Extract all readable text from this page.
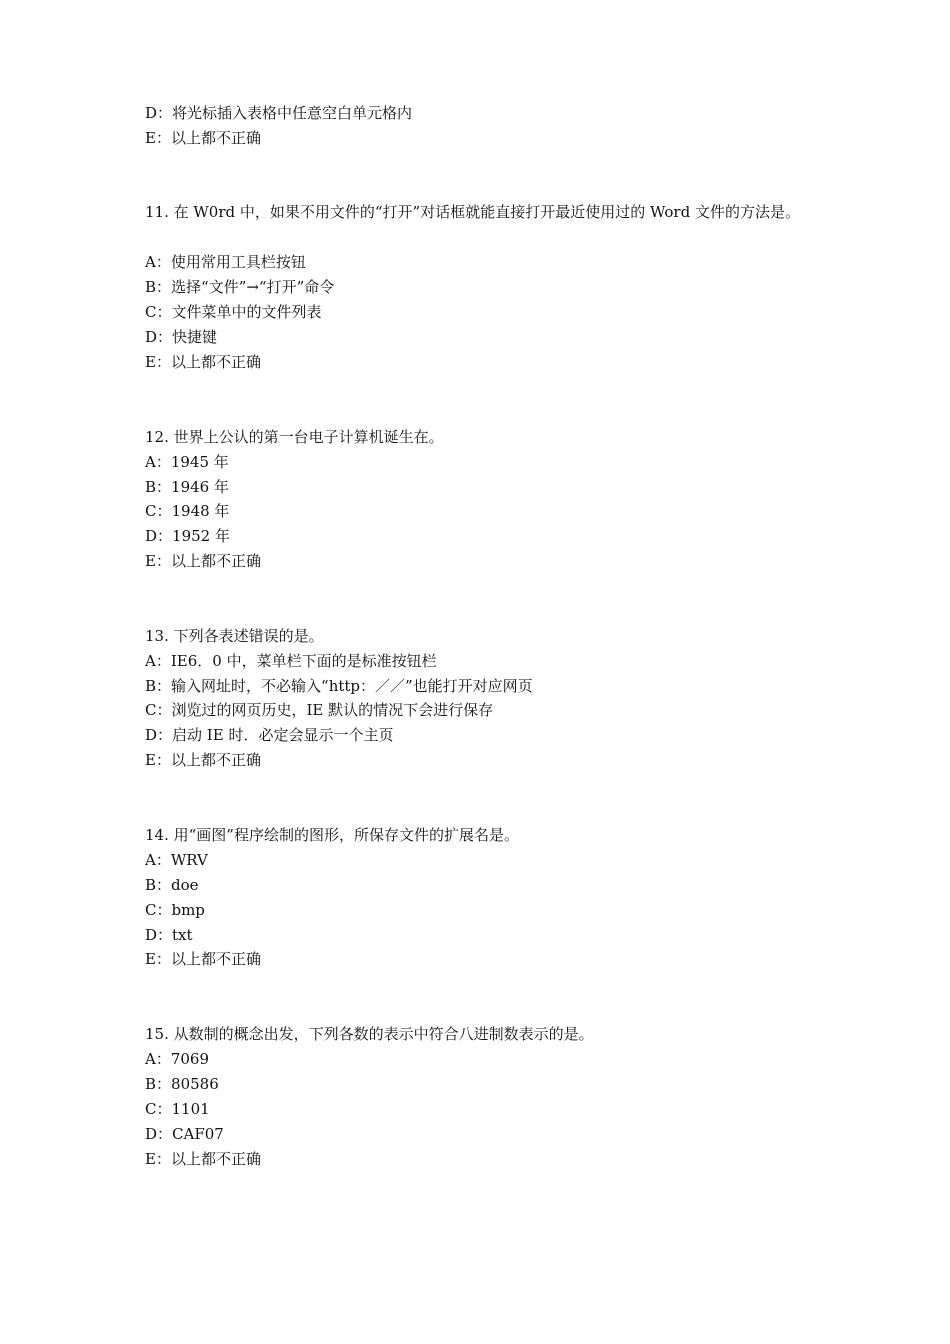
D：将光标插入表格中任意空白单元格内
E：以上都不正确
11. 在 W0rd 中，如果不用文件的“打开”对话框就能直接打开最近使用过的 Word 文件的方法是。
A：使用常用工具栏按钮
B：选择“文件”→“打开”命令
C：文件菜单中的文件列表
D：快捷键
E：以上都不正确
12. 世界上公认的第一台电子计算机诞生在。
A：1945 年
B：1946 年
C：1948 年
D：1952 年
E：以上都不正确
13. 下列各表述错误的是。
A：IE6．0 中，菜单栏下面的是标准按钮栏
B：输入网址时，不必输入“http：／／”也能打开对应网页
C：浏览过的网页历史，IE 默认的情况下会进行保存
D：启动 IE 时．必定会显示一个主页
E：以上都不正确
14. 用“画图”程序绘制的图形，所保存文件的扩展名是。
A：WRV
B：doe
C：bmp
D：txt
E：以上都不正确
15. 从数制的概念出发，下列各数的表示中符合八进制数表示的是。
A：7069
B：80586
C：1101
D：CAF07
E：以上都不正确
